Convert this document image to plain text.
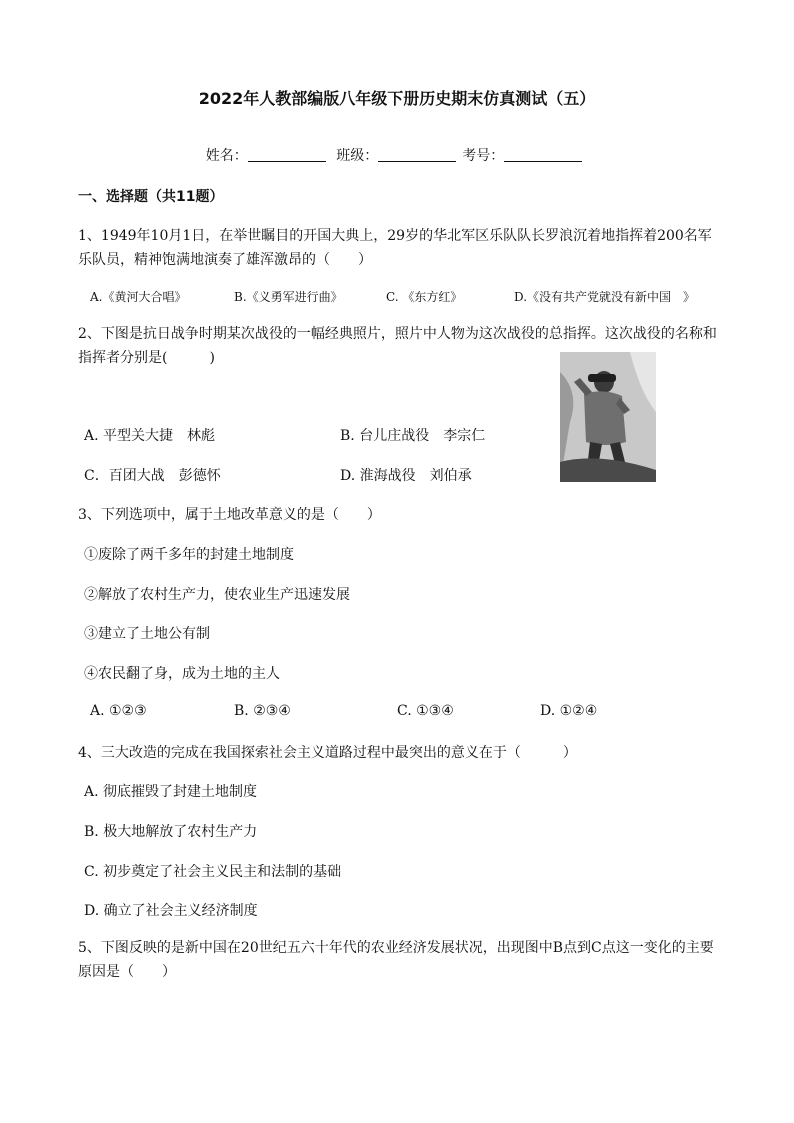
2022年人教部编版八年级下册历史期末仿真测试（五）
姓名：	班级：	考号：
一、选择题（共11题）
1、1949年10月1日，在举世瞩目的开国大典上，29岁的华北军区乐队队长罗浪沉着地指挥着200名军乐队员，精神饱满地演奏了雄浑激昂的（　　）
A.《黄河大合唱》	B.《义勇军进行曲》	C. 《东方红》	D.《没有共产党就没有新中国　》
2、下图是抗日战争时期某次战役的一幅经典照片，照片中人物为这次战役的总指挥。这次战役的名称和指挥者分别是(　　　)
A. 平型关大捷　林彪	B. 台儿庄战役　李宗仁
C．百团大战　彭德怀	D. 淮海战役　刘伯承
3、下列选项中，属于土地改革意义的是（　　）
①废除了两千多年的封建土地制度
②解放了农村生产力，使农业生产迅速发展
③建立了土地公有制
④农民翻了身，成为土地的主人
A. ①②③	B. ②③④	C. ①③④	D. ①②④
4、三大改造的完成在我国探索社会主义道路过程中最突出的意义在于（　　　）
A. 彻底摧毁了封建土地制度
B. 极大地解放了农村生产力
C. 初步奠定了社会主义民主和法制的基础
D. 确立了社会主义经济制度
5、下图反映的是新中国在20世纪五六十年代的农业经济发展状况，出现图中B点到C点这一变化的主要原因是（　　）
